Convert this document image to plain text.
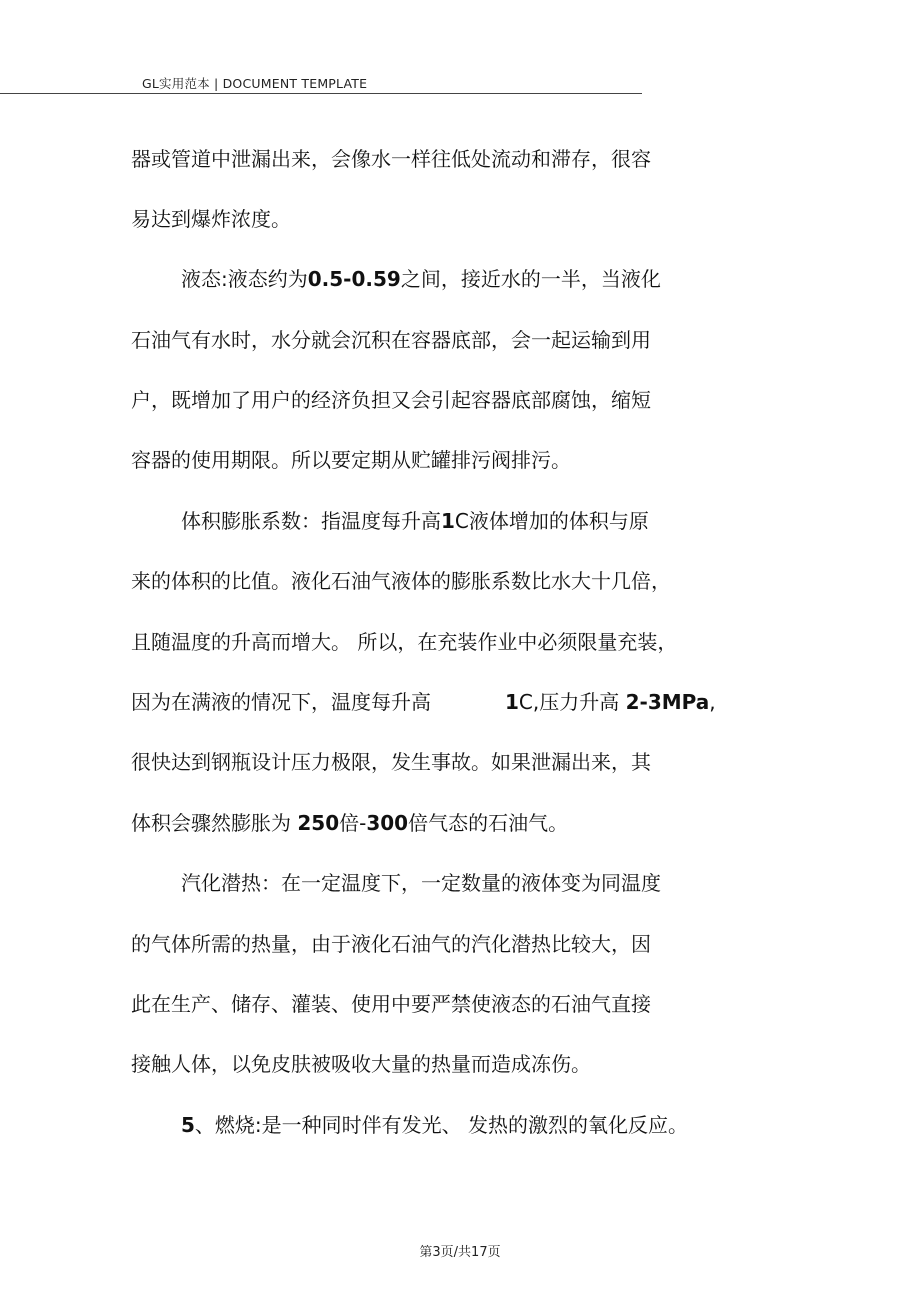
GL实用范本 | DOCUMENT TEMPLATE
器或管道中泄漏出来，会像水一样往低处流动和滞存，很容
易达到爆炸浓度。
液态:液态约为0.5-0.59之间，接近水的一半，当液化
石油气有水时，水分就会沉积在容器底部，会一起运输到用
户，既增加了用户的经济负担又会引起容器底部腐蚀，缩短
容器的使用期限。所以要定期从贮罐排污阀排污。
体积膨胀系数：指温度每升高1C液体增加的体积与原
来的体积的比值。液化石油气液体的膨胀系数比水大十几倍，
且随温度的升高而增大。 所以，在充装作业中必须限量充装，
因为在满液的情况下，温度每升高	1C,压力升高 2-3MPa,
很快达到钢瓶设计压力极限，发生事故。如果泄漏出来，其
体积会骤然膨胀为 250倍-300倍气态的石油气。
汽化潜热：在一定温度下，一定数量的液体变为同温度
的气体所需的热量，由于液化石油气的汽化潜热比较大，因
此在生产、储存、灌装、使用中要严禁使液态的石油气直接
接触人体，以免皮肤被吸收大量的热量而造成冻伤。
5、燃烧:是一种同时伴有发光、 发热的激烈的氧化反应。
第3页/共17页
